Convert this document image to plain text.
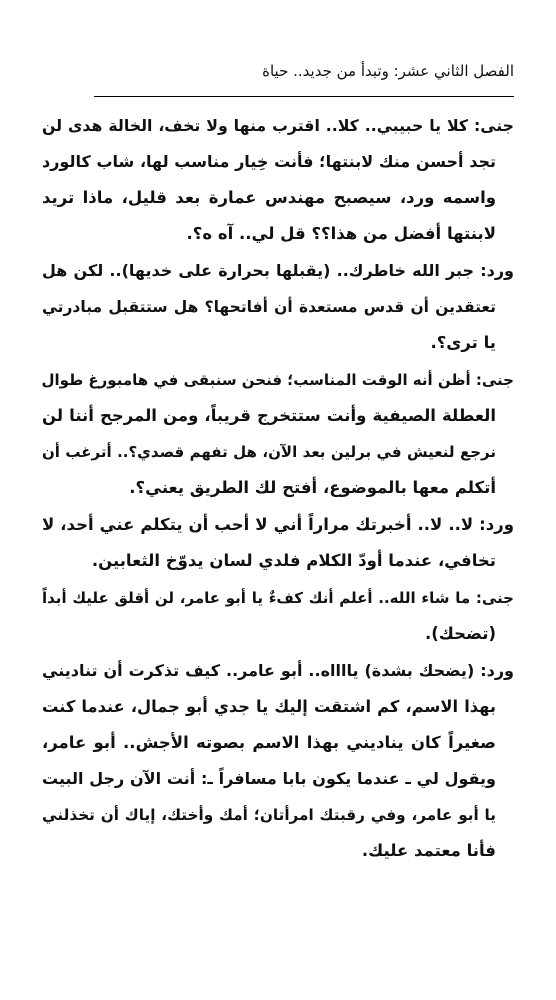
الفصل الثاني عشر: وتبدأ من جديد.. حياة

جنى: كلا يا حبيبي.. كلا.. اقترب منها ولا تخف، الخالة هدى لن
تجد أحسن منك لابنتها؛ فأنت خِيار مناسب لها، شاب كالورد
واسمه ورد، سيصبح مهندس عمارة بعد قليل، ماذا تريد
لابنتها أفضل من هذا؟؟ قل لي.. آه ه؟.

ورد: جبر الله خاطرك.. (يقبلها بحرارة على خديها).. لكن هل
تعتقدين أن قدس مستعدة أن أفاتحها؟ هل ستتقبل مبادرتي
يا ترى؟.

جنى: أظن أنه الوقت المناسب؛ فنحن سنبقى في هامبورغ طوال
العطلة الصيفية وأنت ستتخرج قريباً، ومن المرجح أننا لن
نرجع لنعيش في برلين بعد الآن، هل تفهم قصدي؟.. أترغب أن
أتكلم معها بالموضوع، أفتح لك الطريق يعني؟.

ورد: لا.. لا.. أخبرتك مراراً أني لا أحب أن يتكلم عني أحد، لا
تخافي، عندما أودّ الكلام فلدي لسان يدوّخ الثعابين.

جنى: ما شاء الله.. أعلم أنك كفءٌ يا أبو عامر، لن أقلق عليك أبداً
(تضحك).

ورد: (يضحك بشدة) يااااه.. أبو عامر.. كيف تذكرت أن تناديني
بهذا الاسم، كم اشتقت إليك يا جدي أبو جمال، عندما كنت
صغيراً كان يناديني بهذا الاسم بصوته الأجش.. أبو عامر،
ويقول لي ـ عندما يكون بابا مسافراً ـ: أنت الآن رجل البيت
يا أبو عامر، وفي رقبتك امرأتان؛ أمك وأختك، إياك أن تخذلني
فأنا معتمد عليك.
